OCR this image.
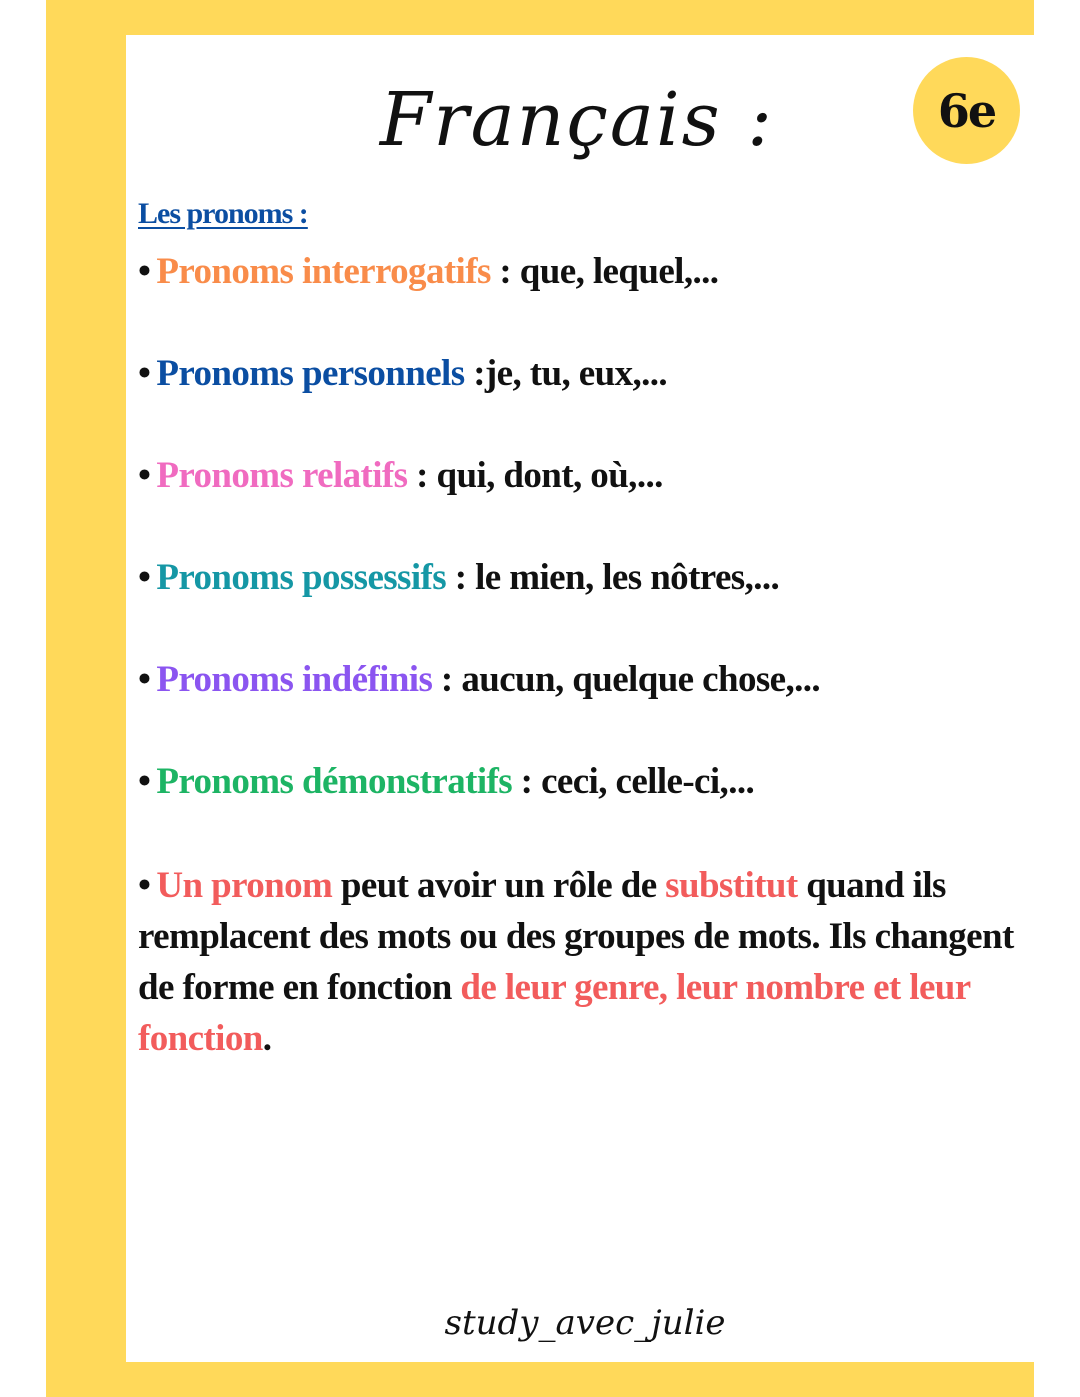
Français :	6e
Les pronoms :
• Pronoms interrogatifs : que, lequel,...
• Pronoms personnels :je, tu, eux,...
• Pronoms relatifs : qui, dont, où,...
• Pronoms possessifs : le mien, les nôtres,...
• Pronoms indéfinis : aucun, quelque chose,...
• Pronoms démonstratifs : ceci, celle-ci,...
• Un pronom peut avoir un rôle de substitut quand ils remplacent des mots ou des groupes de mots. Ils changent de forme en fonction de leur genre, leur nombre et leur fonction.
study_avec_julie
